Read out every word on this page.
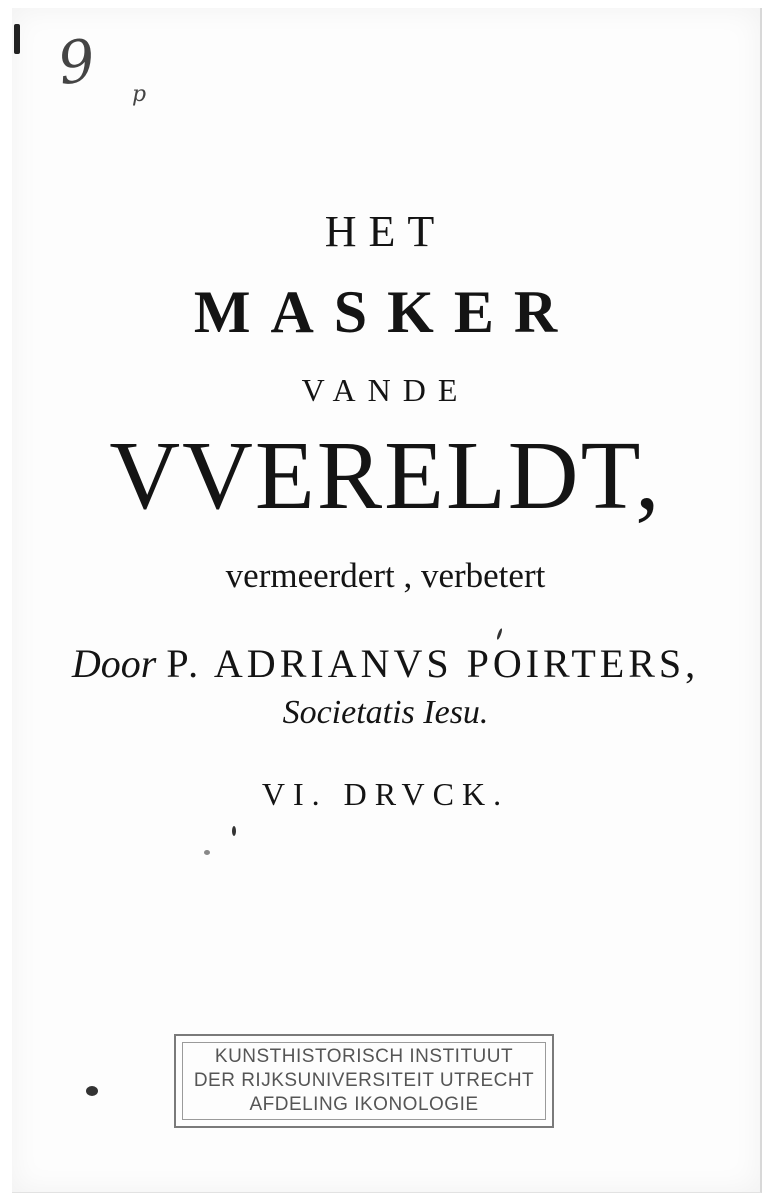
9 p
HET
MASKER
VANDE
VVERELDT,
vermeerdert , verbetert
Door P. ADRIANVS POIRTERS,
Societatis Iesu.
VI. DRVCK.
KUNSTHISTORISCH INSTITUUT
DER RIJKSUNIVERSITEIT UTRECHT
AFDELING IKONOLOGIE
